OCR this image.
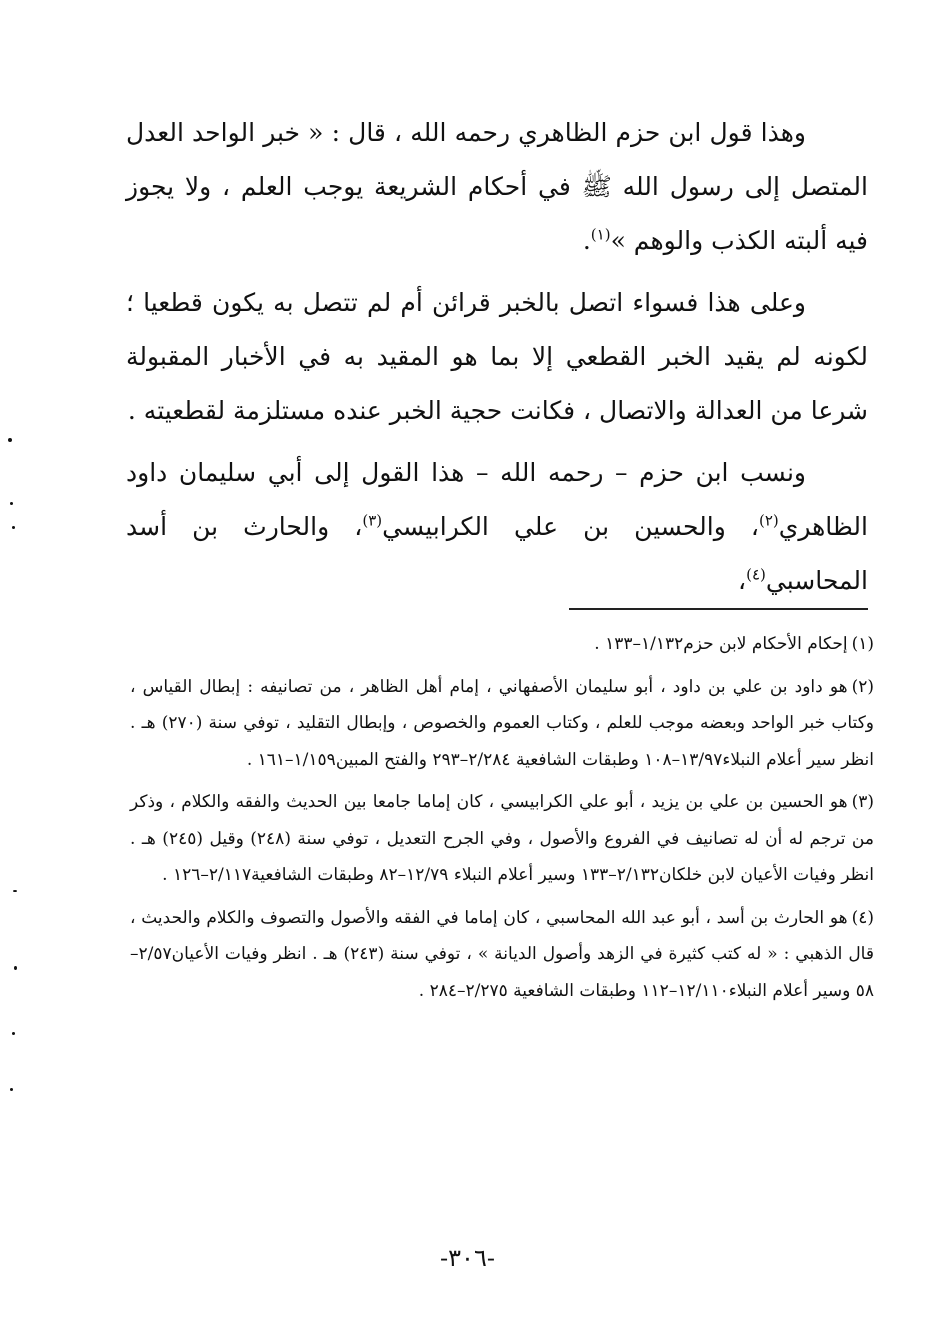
وهذا قول ابن حزم الظاهري رحمه الله ، قال : « خبر الواحد العدل المتصل إلى رسول الله ﷺ في أحكام الشريعة يوجب العلم ، ولا يجوز فيه ألبته الكذب والوهم »$^{(١)}$.

وعلى هذا فسواء اتصل بالخبر قرائن أم لم تتصل به يكون قطعيا ؛ لكونه لم يقيد الخبر القطعي إلا بما هو المقيد به في الأخبار المقبولة شرعا من العدالة والاتصال ، فكانت حجية الخبر عنده مستلزمة لقطعيته .

ونسب ابن حزم – رحمه الله – هذا القول إلى أبي سليمان داود الظاهري$^{(٢)}$، والحسين بن علي الكرابيسي$^{(٣)}$، والحارث بن أسد المحاسبي$^{(٤)}$،

(١)إحكام الأحكام لابن حزم١/١٣٢–١٣٣ .

(٢)هو داود بن علي بن داود ، أبو سليمان الأصفهاني ، إمام أهل الظاهر ، من تصانيفه : إبطال القياس ، وكتاب خبر الواحد وبعضه موجب للعلم ، وكتاب العموم والخصوص ، وإبطال التقليد ، توفي سنة (٢٧٠) هـ . انظر سير أعلام النبلاء١٣/٩٧–١٠٨ وطبقات الشافعية ٢/٢٨٤–٢٩٣ والفتح المبين١/١٥٩–١٦١ .

(٣)هو الحسين بن علي بن يزيد ، أبو علي الكرابيسي ، كان إماما جامعا بين الحديث والفقه والكلام ، وذكر من ترجم له أن له تصانيف في الفروع والأصول ، وفي الجرح التعديل ، توفي سنة (٢٤٨) وقيل (٢٤٥) هـ . انظر وفيات الأعيان لابن خلكان٢/١٣٢–١٣٣ وسير أعلام النبلاء ١٢/٧٩–٨٢ وطبقات الشافعية٢/١١٧–١٢٦ .

(٤)هو الحارث بن أسد ، أبو عبد الله المحاسبي ، كان إماما في الفقه والأصول والتصوف والكلام والحديث ، قال الذهبي : « له كتب كثيرة في الزهد وأصول الديانة » ، توفي سنة (٢٤٣) هـ . انظر وفيات الأعيان٢/٥٧–٥٨ وسير أعلام النبلاء١٢/١١٠–١١٢ وطبقات الشافعية ٢/٢٧٥–٢٨٤ .

-٣٠٦-
